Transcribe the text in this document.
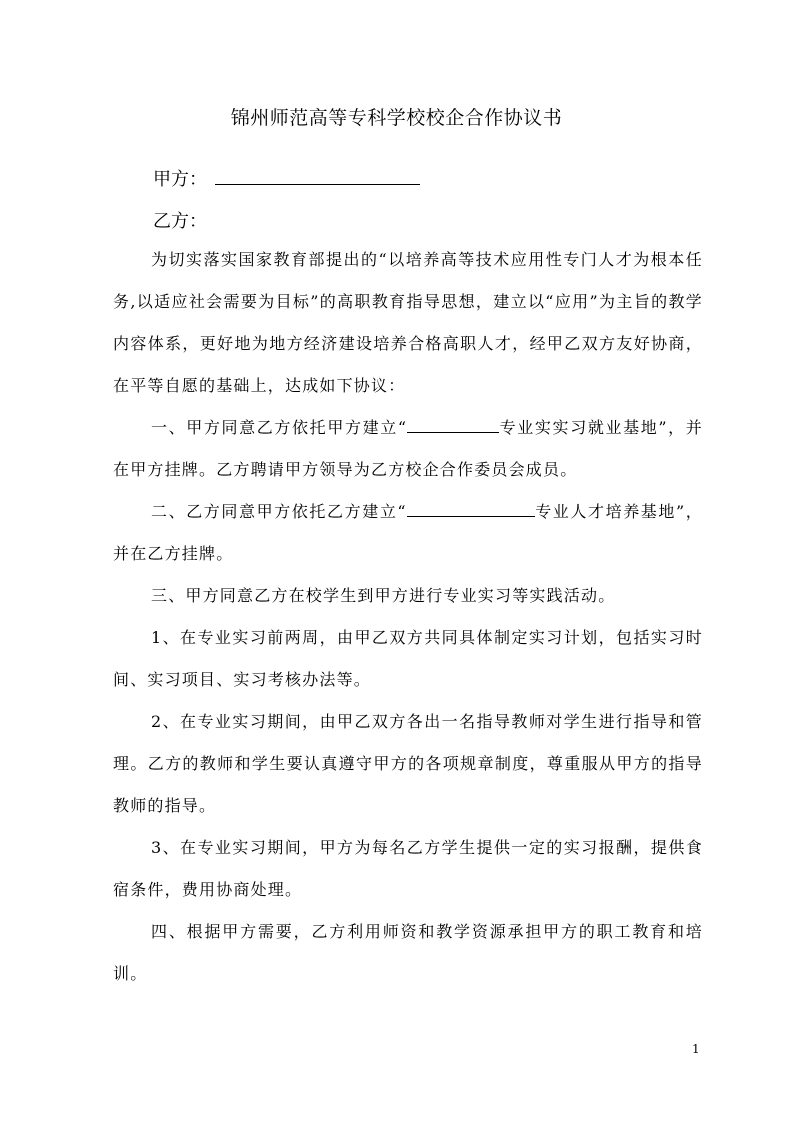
锦州师范高等专科学校校企合作协议书
甲方：
乙方：
为切实落实国家教育部提出的“以培养高等技术应用性专门人才为根本任务,以适应社会需要为目标”的高职教育指导思想，建立以“应用”为主旨的教学内容体系，更好地为地方经济建设培养合格高职人才，经甲乙双方友好协商，在平等自愿的基础上，达成如下协议：
一、甲方同意乙方依托甲方建立“	专业实实习就业基地”，并在甲方挂牌。乙方聘请甲方领导为乙方校企合作委员会成员。
二、乙方同意甲方依托乙方建立“	专业人才培养基地”，并在乙方挂牌。
三、甲方同意乙方在校学生到甲方进行专业实习等实践活动。
1、在专业实习前两周，由甲乙双方共同具体制定实习计划，包括实习时间、实习项目、实习考核办法等。
2、在专业实习期间，由甲乙双方各出一名指导教师对学生进行指导和管理。乙方的教师和学生要认真遵守甲方的各项规章制度，尊重服从甲方的指导教师的指导。
3、在专业实习期间，甲方为每名乙方学生提供一定的实习报酬，提供食宿条件，费用协商处理。
四、根据甲方需要，乙方利用师资和教学资源承担甲方的职工教育和培训。
1
